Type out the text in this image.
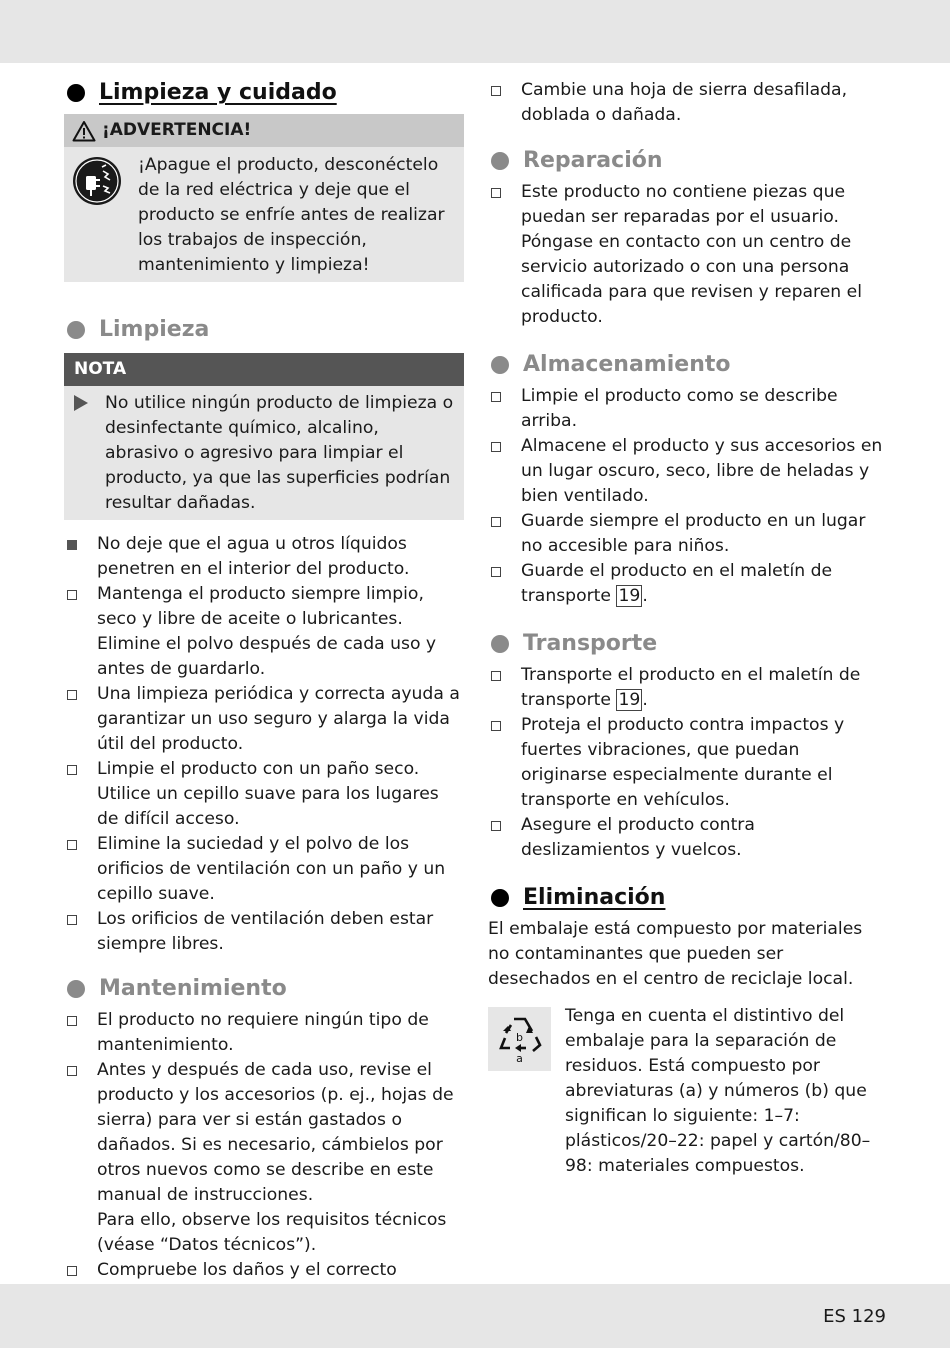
Limpieza y cuidado
¡ADVERTENCIA!
¡Apague el producto, desconéctelo de la red eléctrica y deje que el producto se enfríe antes de realizar los trabajos de inspección, mantenimiento y limpieza!
Limpieza
NOTA
No utilice ningún producto de limpieza o desinfectante químico, alcalino, abrasivo o agresivo para limpiar el producto, ya que las superficies podrían resultar dañadas.
No deje que el agua u otros líquidos penetren en el interior del producto.
Mantenga el producto siempre limpio, seco y libre de aceite o lubricantes. Elimine el polvo después de cada uso y antes de guardarlo.
Una limpieza periódica y correcta ayuda a garantizar un uso seguro y alarga la vida útil del producto.
Limpie el producto con un paño seco. Utilice un cepillo suave para los lugares de difícil acceso.
Elimine la suciedad y el polvo de los orificios de ventilación con un paño y un cepillo suave.
Los orificios de ventilación deben estar siempre libres.
Mantenimiento
El producto no requiere ningún tipo de mantenimiento.
Antes y después de cada uso, revise el producto y los accesorios (p. ej., hojas de sierra) para ver si están gastados o dañados. Si es necesario, cámbielos por otros nuevos como se describe en este manual de instrucciones.
Para ello, observe los requisitos técnicos (véase “Datos técnicos”).
Compruebe los daños y el correcto
Cambie una hoja de sierra desafilada, doblada o dañada.
Reparación
Este producto no contiene piezas que puedan ser reparadas por el usuario. Póngase en contacto con un centro de servicio autorizado o con una persona calificada para que revisen y reparen el producto.
Almacenamiento
Limpie el producto como se describe arriba.
Almacene el producto y sus accesorios en un lugar oscuro, seco, libre de heladas y bien ventilado.
Guarde siempre el producto en un lugar no accesible para niños.
Guarde el producto en el maletín de transporte 19 .
Transporte
Transporte el producto en el maletín de transporte 19 .
Proteja el producto contra impactos y fuertes vibraciones, que puedan originarse especialmente durante el transporte en vehículos.
Asegure el producto contra deslizamientos y vuelcos.
Eliminación
El embalaje está compuesto por materiales no contaminantes que pueden ser desechados en el centro de reciclaje local.
b
a
Tenga en cuenta el distintivo del embalaje para la separación de residuos. Está compuesto por abreviaturas (a) y números (b) que significan lo siguiente: 1–7: plásticos/20–22: papel y cartón/80–98: materiales compuestos.
ES 129
